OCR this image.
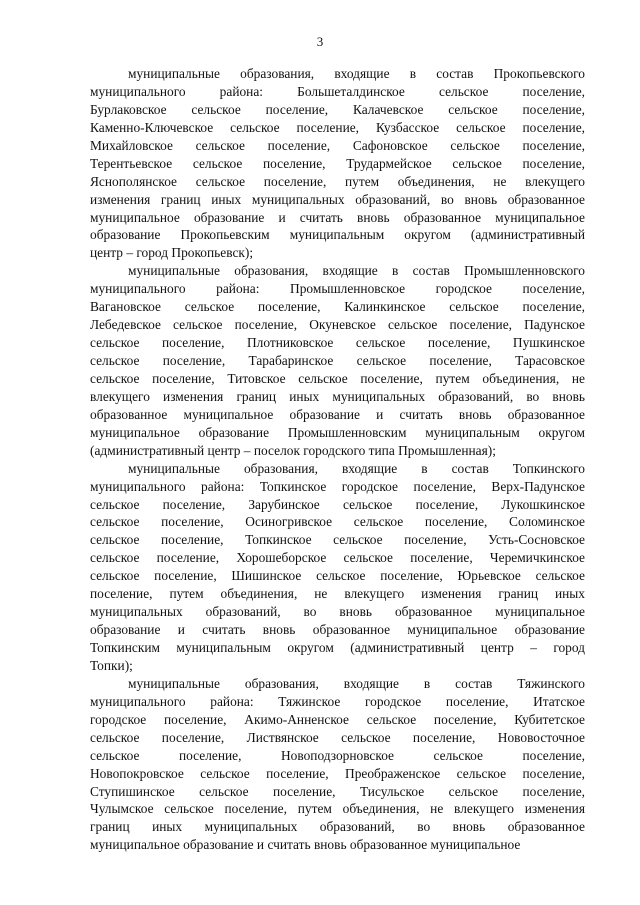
3
муниципальные образования, входящие в состав Прокопьевского
муниципального района: Большеталдинское сельское поселение,
Бурлаковское сельское поселение, Калачевское сельское поселение,
Каменно-Ключевское сельское поселение, Кузбасское сельское поселение,
Михайловское сельское поселение, Сафоновское сельское поселение,
Терентьевское сельское поселение, Трудармейское сельское поселение,
Яснополянское сельское поселение, путем объединения, не влекущего
изменения границ иных муниципальных образований, во вновь образованное
муниципальное образование и считать вновь образованное муниципальное
образование Прокопьевским муниципальным округом (административный
центр – город Прокопьевск);
муниципальные образования, входящие в состав Промышленновского
муниципального района: Промышленновское городское поселение,
Вагановское сельское поселение, Калинкинское сельское поселение,
Лебедевское сельское поселение, Окуневское сельское поселение, Падунское
сельское поселение, Плотниковское сельское поселение, Пушкинское
сельское поселение, Тарабаринское сельское поселение, Тарасовское
сельское поселение, Титовское сельское поселение, путем объединения, не
влекущего изменения границ иных муниципальных образований, во вновь
образованное муниципальное образование и считать вновь образованное
муниципальное образование Промышленновским муниципальным округом
(административный центр – поселок городского типа Промышленная);
муниципальные образования, входящие в состав Топкинского
муниципального района: Топкинское городское поселение, Верх-Падунское
сельское поселение, Зарубинское сельское поселение, Лукошкинское
сельское поселение, Осиногривское сельское поселение, Соломинское
сельское поселение, Топкинское сельское поселение, Усть-Сосновское
сельское поселение, Хорошеборское сельское поселение, Черемичкинское
сельское поселение, Шишинское сельское поселение, Юрьевское сельское
поселение, путем объединения, не влекущего изменения границ иных
муниципальных образований, во вновь образованное муниципальное
образование и считать вновь образованное муниципальное образование
Топкинским муниципальным округом (административный центр – город
Топки);
муниципальные образования, входящие в состав Тяжинского
муниципального района: Тяжинское городское поселение, Итатское
городское поселение, Акимо-Анненское сельское поселение, Кубитетское
сельское поселение, Листвянское сельское поселение, Нововосточное
сельское поселение, Новоподзорновское сельское поселение,
Новопокровское сельское поселение, Преображенское сельское поселение,
Ступишинское сельское поселение, Тисульское сельское поселение,
Чулымское сельское поселение, путем объединения, не влекущего изменения
границ иных муниципальных образований, во вновь образованное
муниципальное образование и считать вновь образованное муниципальное
